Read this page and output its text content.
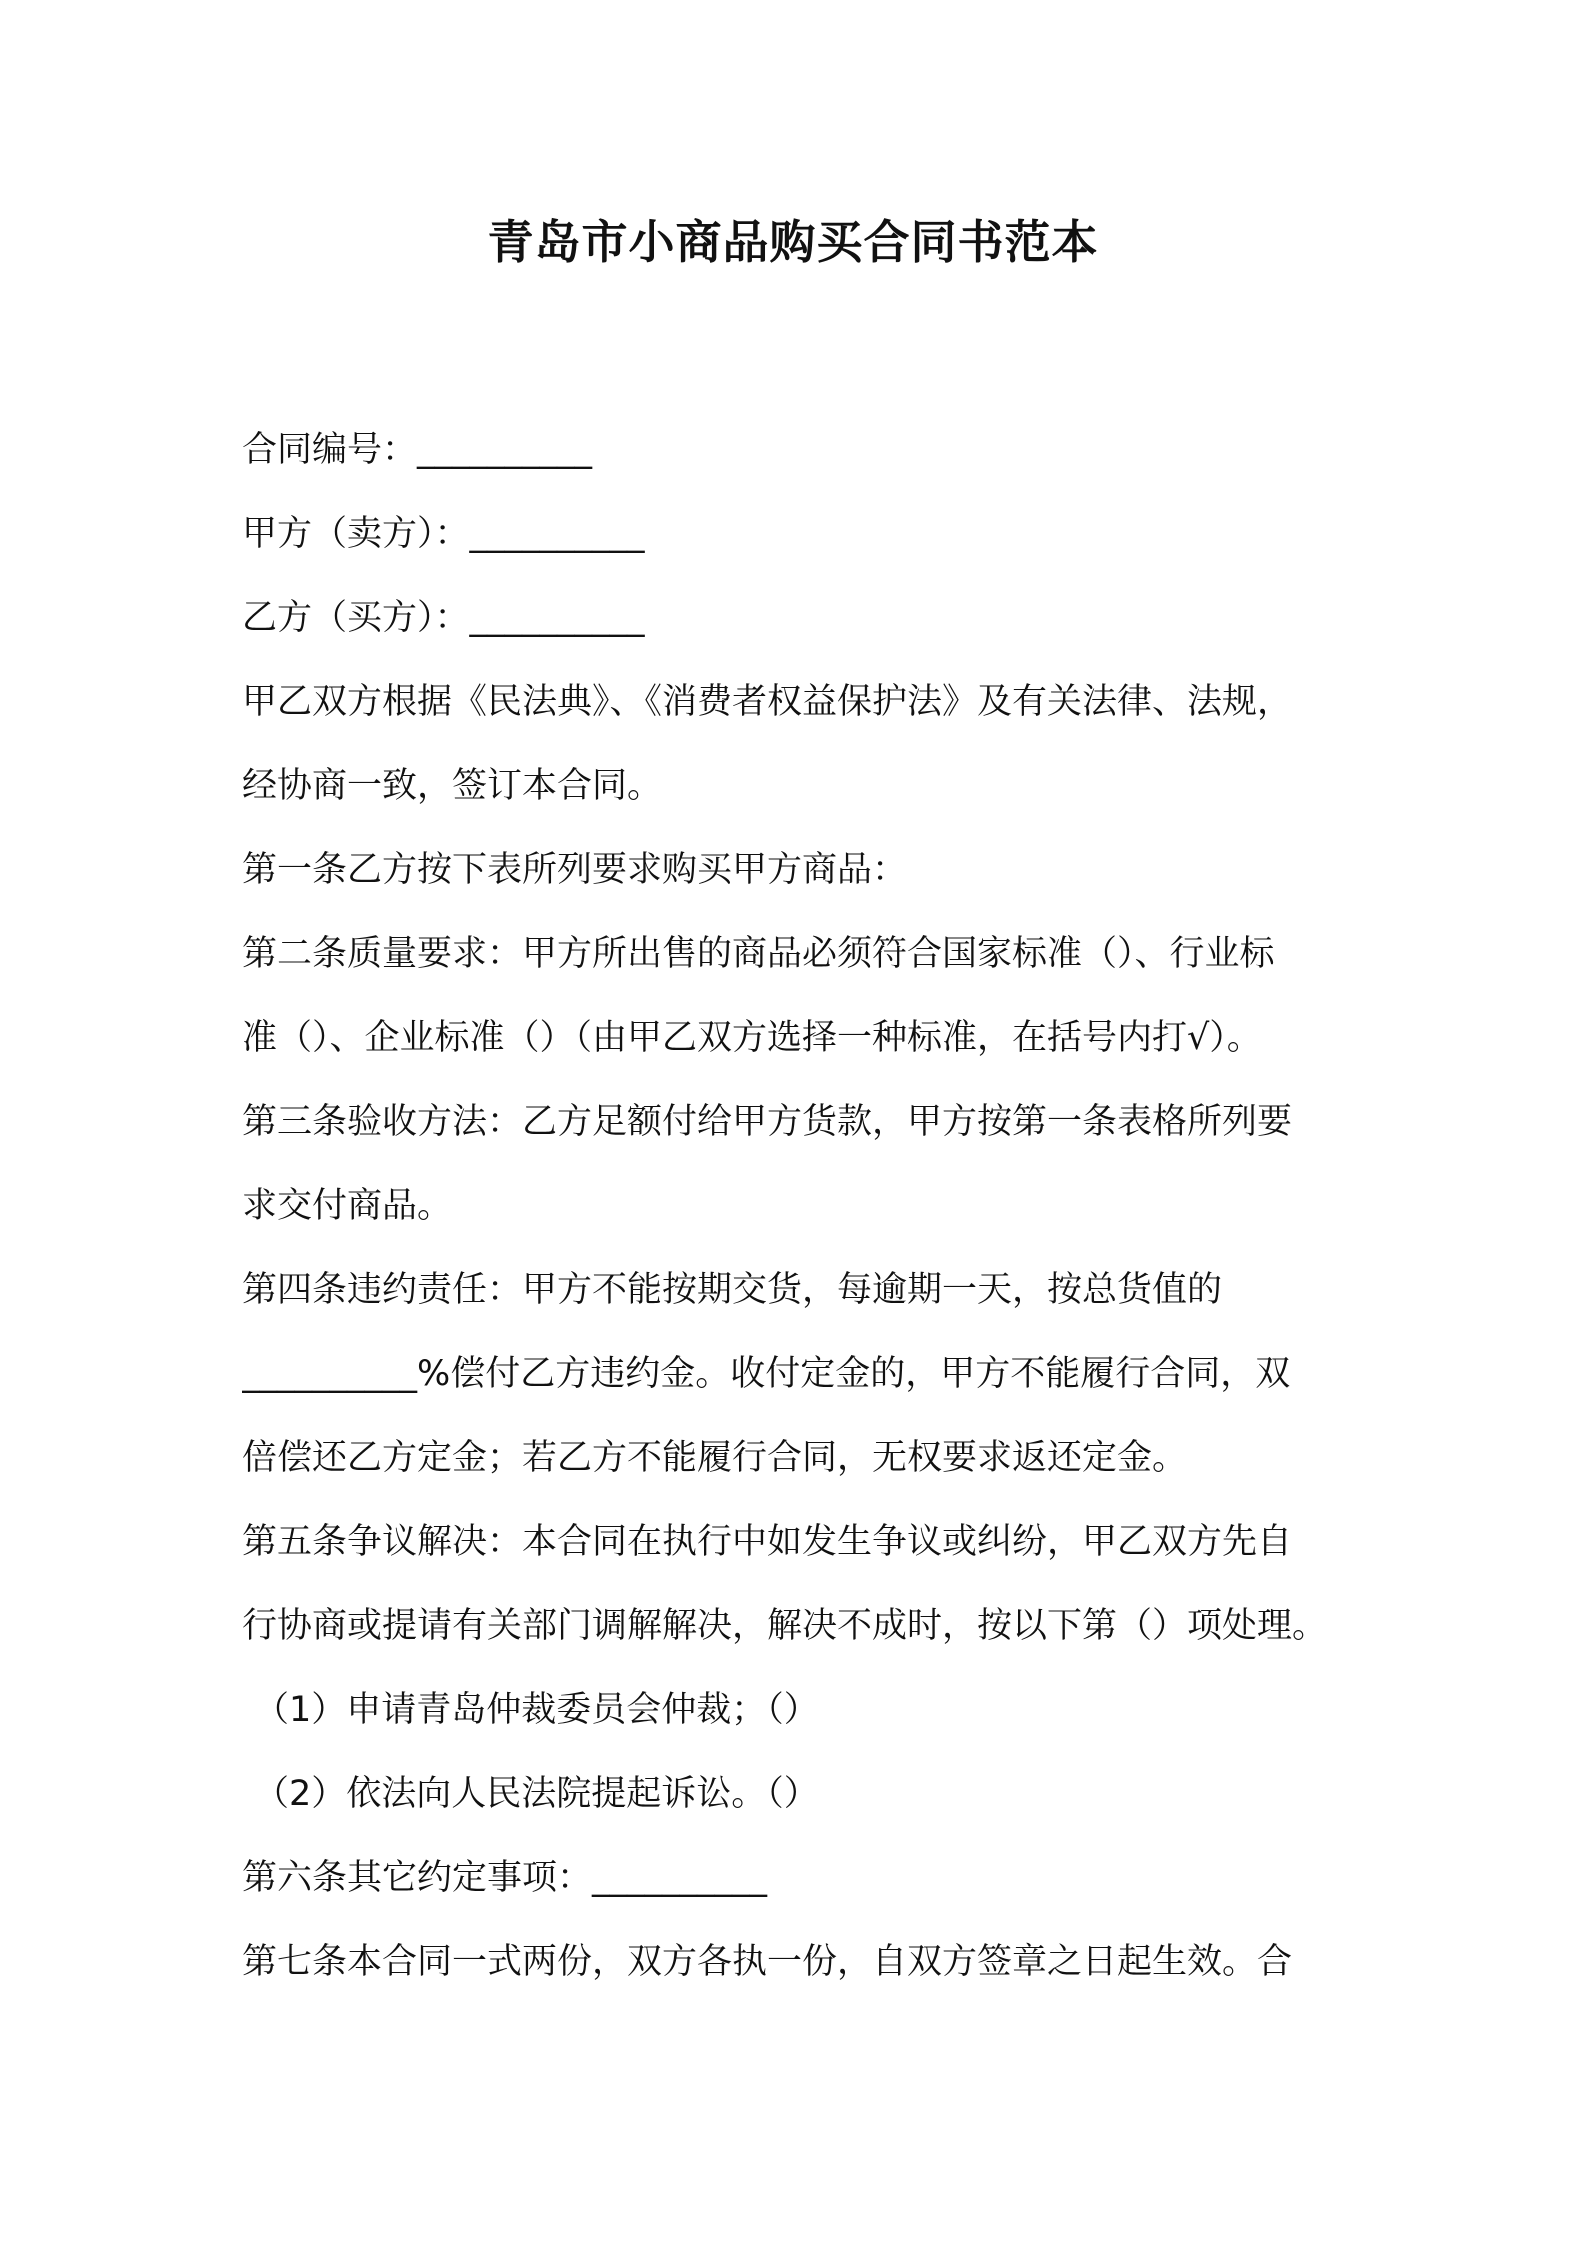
青岛市小商品购买合同书范本
合同编号：__________
甲方（卖方）：__________
乙方（买方）：__________
甲乙双方根据《民法典》、《消费者权益保护法》及有关法律、法规，
经协商一致，签订本合同。
第一条乙方按下表所列要求购买甲方商品：
第二条质量要求：甲方所出售的商品必须符合国家标准（）、行业标
准（）、企业标准（）（由甲乙双方选择一种标准，在括号内打√）。
第三条验收方法：乙方足额付给甲方货款，甲方按第一条表格所列要
求交付商品。
第四条违约责任：甲方不能按期交货，每逾期一天，按总货值的
__________%偿付乙方违约金。收付定金的，甲方不能履行合同，双
倍偿还乙方定金；若乙方不能履行合同，无权要求返还定金。
第五条争议解决：本合同在执行中如发生争议或纠纷，甲乙双方先自
行协商或提请有关部门调解解决，解决不成时，按以下第（）项处理。
（1）申请青岛仲裁委员会仲裁；（）
（2）依法向人民法院提起诉讼。（）
第六条其它约定事项：__________
第七条本合同一式两份，双方各执一份，自双方签章之日起生效。合
